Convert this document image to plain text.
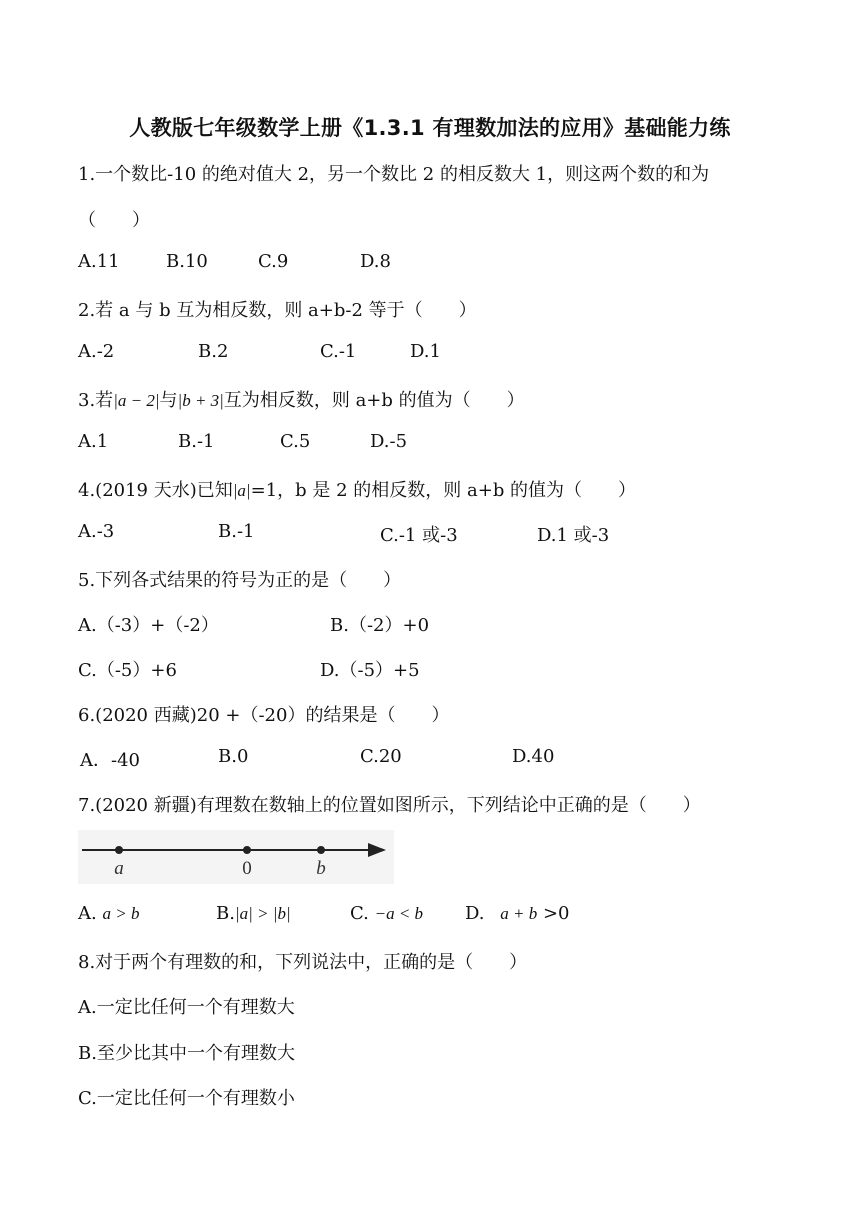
人教版七年级数学上册《1.3.1 有理数加法的应用》基础能力练
1.一个数比-10 的绝对值大 2，另一个数比 2 的相反数大 1，则这两个数的和为
（　　）
A.11	B.10	C.9	D.8
2.若 a 与 b 互为相反数，则 a+b-2 等于（　　）
A.-2	B.2	C.-1	D.1
3.若|a − 2|与|b + 3|互为相反数，则 a+b 的值为（　　）
A.1	B.-1	C.5	D.-5
4.(2019 天水)已知|a|=1，b 是 2 的相反数，则 a+b 的值为（　　）
A.-3	B.-1	C.-1 或-3	D.1 或-3
5.下列各式结果的符号为正的是（　　）
A.（-3）+（-2）	B.（-2）+0
C.（-5）+6	D.（-5）+5
6.(2020 西藏)20 +（-20）的结果是（　　）
A．-40	B.0	C.20	D.40
7.(2020 新疆)有理数在数轴上的位置如图所示，下列结论中正确的是（　　）
a	0	b
A. a > b	B.|a| > |b|	C. −a < b D. a + b >0
8.对于两个有理数的和，下列说法中，正确的是（　　）
A.一定比任何一个有理数大
B.至少比其中一个有理数大
C.一定比任何一个有理数小
